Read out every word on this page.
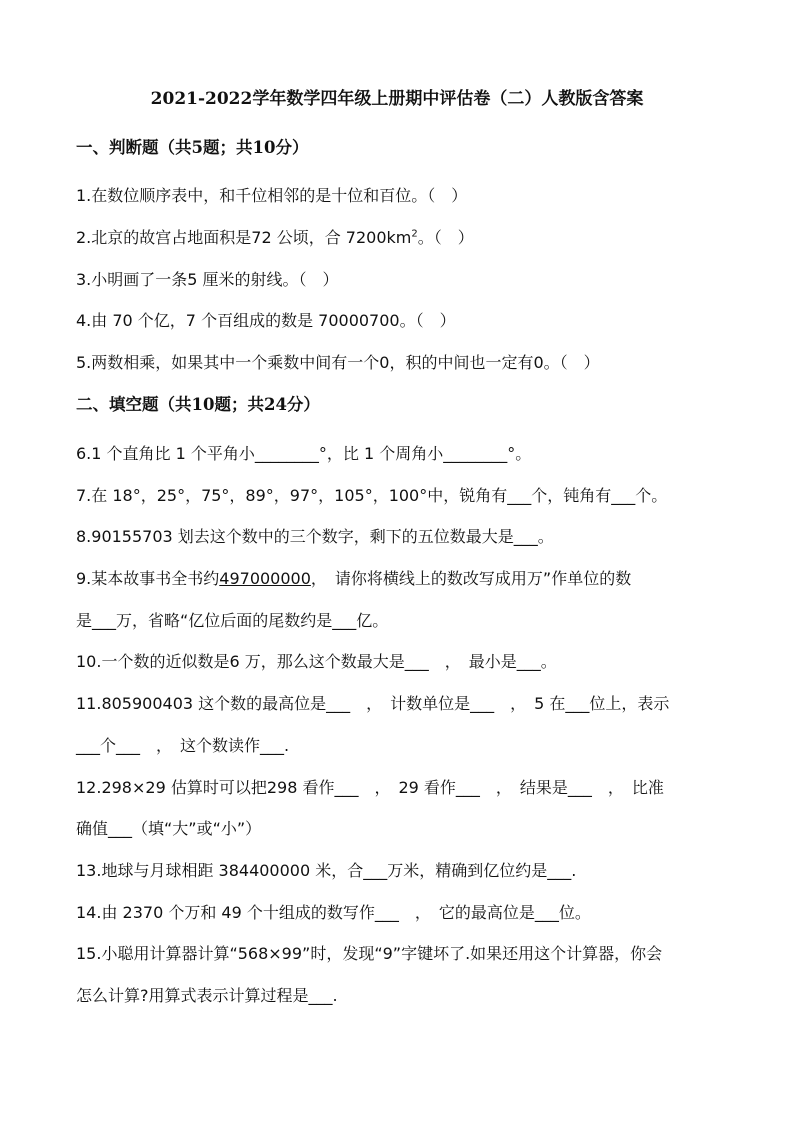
2021-2022学年数学四年级上册期中评估卷（二）人教版含答案
一、判断题（共5题；共10分）
1.在数位顺序表中，和千位相邻的是十位和百位。（　）
2.北京的故宫占地面积是72 公顷，合 $7200km^2$。（　）
3.小明画了一条5 厘米的射线。（　）
4.由 70 个亿，7 个百组成的数是 70000700。（　）
5.两数相乘，如果其中一个乘数中间有一个0，积的中间也一定有0。（　）
二、填空题（共10题；共24分）
6.1 个直角比 1 个平角小________°，比 1 个周角小________°。
7.在 18°，25°，75°，89°，97°，105°，100°中，锐角有___个，钝角有___个。
8.90155703 划去这个数中的三个数字，剩下的五位数最大是___。
9.某本故事书全书约497000000，　请你将横线上的数改写成用万”作单位的数
是___万，省略“亿位后面的尾数约是___亿。
10.一个数的近似数是6 万，那么这个数最大是___　，　最小是___。
11.805900403 这个数的最高位是___　，　计数单位是___　，　5 在___位上，表示
___个___　，　这个数读作___.
12.298×29 估算时可以把298 看作___　，　29 看作___　，　结果是___　，　比准
确值___（填“大”或“小”）
13.地球与月球相距 384400000 米，合___万米，精确到亿位约是___.
14.由 2370 个万和 49 个十组成的数写作___　，　它的最高位是___位。
15.小聪用计算器计算“568×99”时，发现“9”字键坏了.如果还用这个计算器，你会
怎么计算?用算式表示计算过程是___.
